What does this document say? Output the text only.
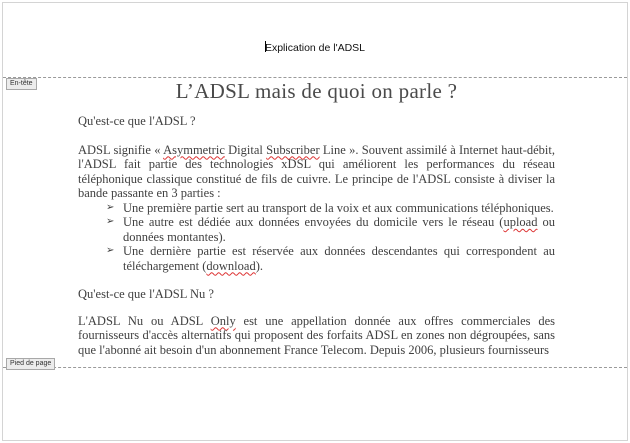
Explication de l'ADSL
En-tête	L’ADSL mais de quoi on parle ?

Qu'est-ce que l'ADSL ?

ADSL signifie « Asymmetric Digital Subscriber Line ». Souvent assimilé à Internet haut-débit, l'ADSL fait partie des technologies xDSL qui améliorent les performances du réseau téléphonique classique constitué de fils de cuivre. Le principe de l'ADSL consiste à diviser la bande passante en 3 parties :

➢ Une première partie sert au transport de la voix et aux communications téléphoniques.
➢ Une autre est dédiée aux données envoyées du domicile vers le réseau (upload ou données montantes).
➢ Une dernière partie est réservée aux données descendantes qui correspondent au téléchargement (download).

Qu'est-ce que l'ADSL Nu ?

L'ADSL Nu ou ADSL Only est une appellation donnée aux offres commerciales des fournisseurs d'accès alternatifs qui proposent des forfaits ADSL en zones non dégroupées, sans que l'abonné ait besoin d'un abonnement France Telecom. Depuis 2006, plusieurs fournisseurs

Pied de page
